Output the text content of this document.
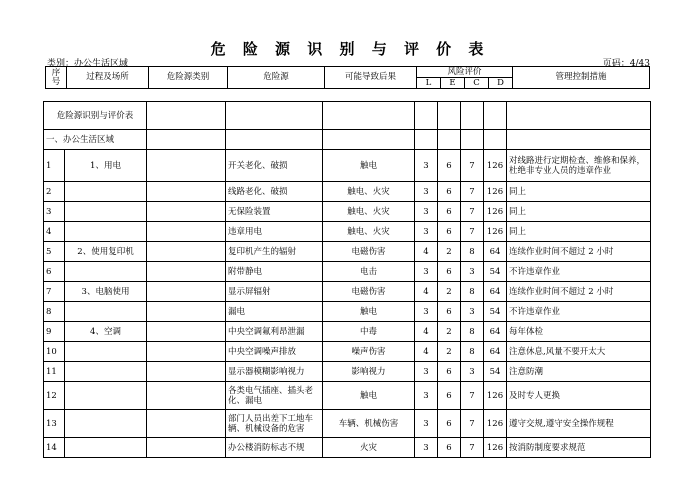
危 险 源 识 别 与 评 价 表
类别：办公生活区域	页码：4/43
序号	过程及场所	危险源类别	危险源	可能导致后果	风险评价				管理控制措施
					L	E	C	D	
危险源识别与评价表									
一、办公生活区域									
1	1、用电		开关老化、破损	触电	3	6	7	126	对线路进行定期检查、维修和保养，杜绝非专业人员的违章作业
2			线路老化、破损	触电、火灾	3	6	7	126	同上
3			无保险装置	触电、火灾	3	6	7	126	同上
4			违章用电	触电、火灾	3	6	7	126	同上
5	2、使用复印机		复印机产生的辐射	电磁伤害	4	2	8	64	连续作业时间不超过 2 小时
6			附带静电	电击	3	6	3	54	不许违章作业
7	3、电脑使用		显示屏辐射	电磁伤害	4	2	8	64	连续作业时间不超过 2 小时
8			漏电	触电	3	6	3	54	不许违章作业
9	4、空调		中央空调氟利昂泄漏	中毒	4	2	8	64	每年体检
10			中央空调噪声排放	噪声伤害	4	2	8	64	注意休息,风量不要开太大
11			显示器模糊影响视力	影响视力	3	6	3	54	注意防潮
12			各类电气插座、插头老化、漏电	触电	3	6	7	126	及时专人更换
13			部门人员出差下工地车辆、机械设备的危害	车辆、机械伤害	3	6	7	126	遵守交规,遵守安全操作规程
14			办公楼消防标志不规	火灾	3	6	7	126	按消防制度要求规范
